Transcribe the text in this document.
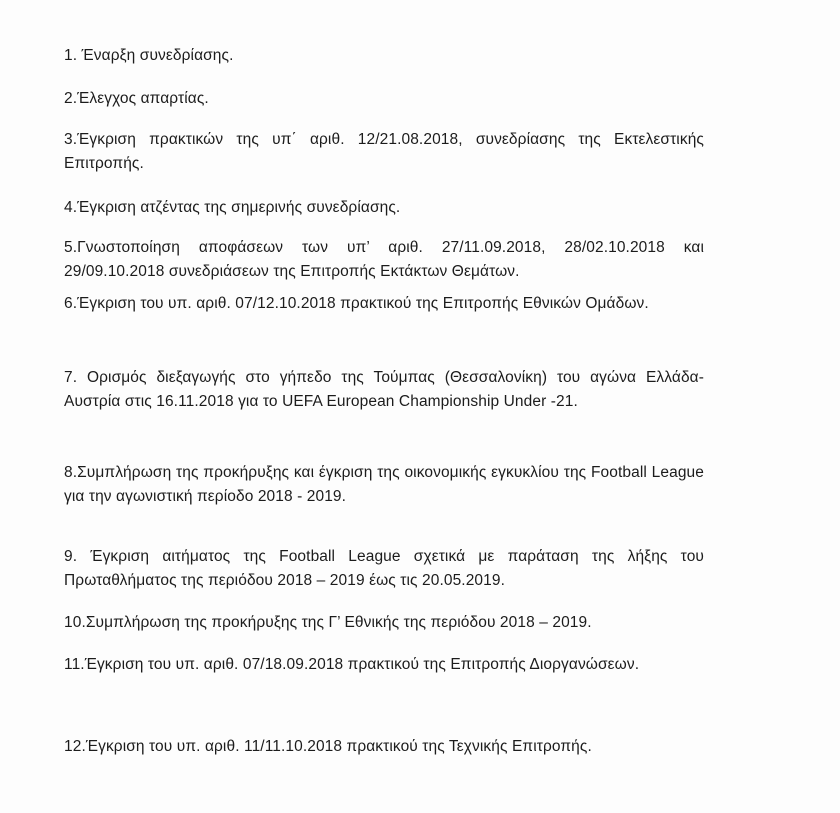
1. Έναρξη συνεδρίασης.

2.Έλεγχος απαρτίας.

3.Έγκριση πρακτικών της υπ΄ αριθ. 12/21.08.2018, συνεδρίασης της Εκτελεστικής Επιτροπής.

4.Έγκριση ατζέντας της σημερινής συνεδρίασης.

5.Γνωστοποίηση αποφάσεων των υπ’ αριθ. 27/11.09.2018, 28/02.10.2018 και 29/09.10.2018 συνεδριάσεων της Επιτροπής Εκτάκτων Θεμάτων.

6.Έγκριση του υπ. αριθ. 07/12.10.2018 πρακτικού της Επιτροπής Εθνικών Ομάδων.

7. Ορισμός διεξαγωγής στο γήπεδο της Τούμπας (Θεσσαλονίκη) του αγώνα Ελλάδα-Αυστρία στις 16.11.2018 για το UEFA European Championship Under -21.

8.Συμπλήρωση της προκήρυξης και έγκριση της οικονομικής εγκυκλίου της Football League για την αγωνιστική περίοδο 2018 - 2019.

9. Έγκριση αιτήματος της Football League σχετικά με παράταση της λήξης του Πρωταθλήματος της περιόδου 2018 – 2019 έως τις 20.05.2019.

10.Συμπλήρωση της προκήρυξης της Γ’ Εθνικής της περιόδου 2018 – 2019.

11.Έγκριση του υπ. αριθ. 07/18.09.2018 πρακτικού της Επιτροπής Διοργανώσεων.

12.Έγκριση του υπ. αριθ. 11/11.10.2018 πρακτικού της Τεχνικής Επιτροπής.
